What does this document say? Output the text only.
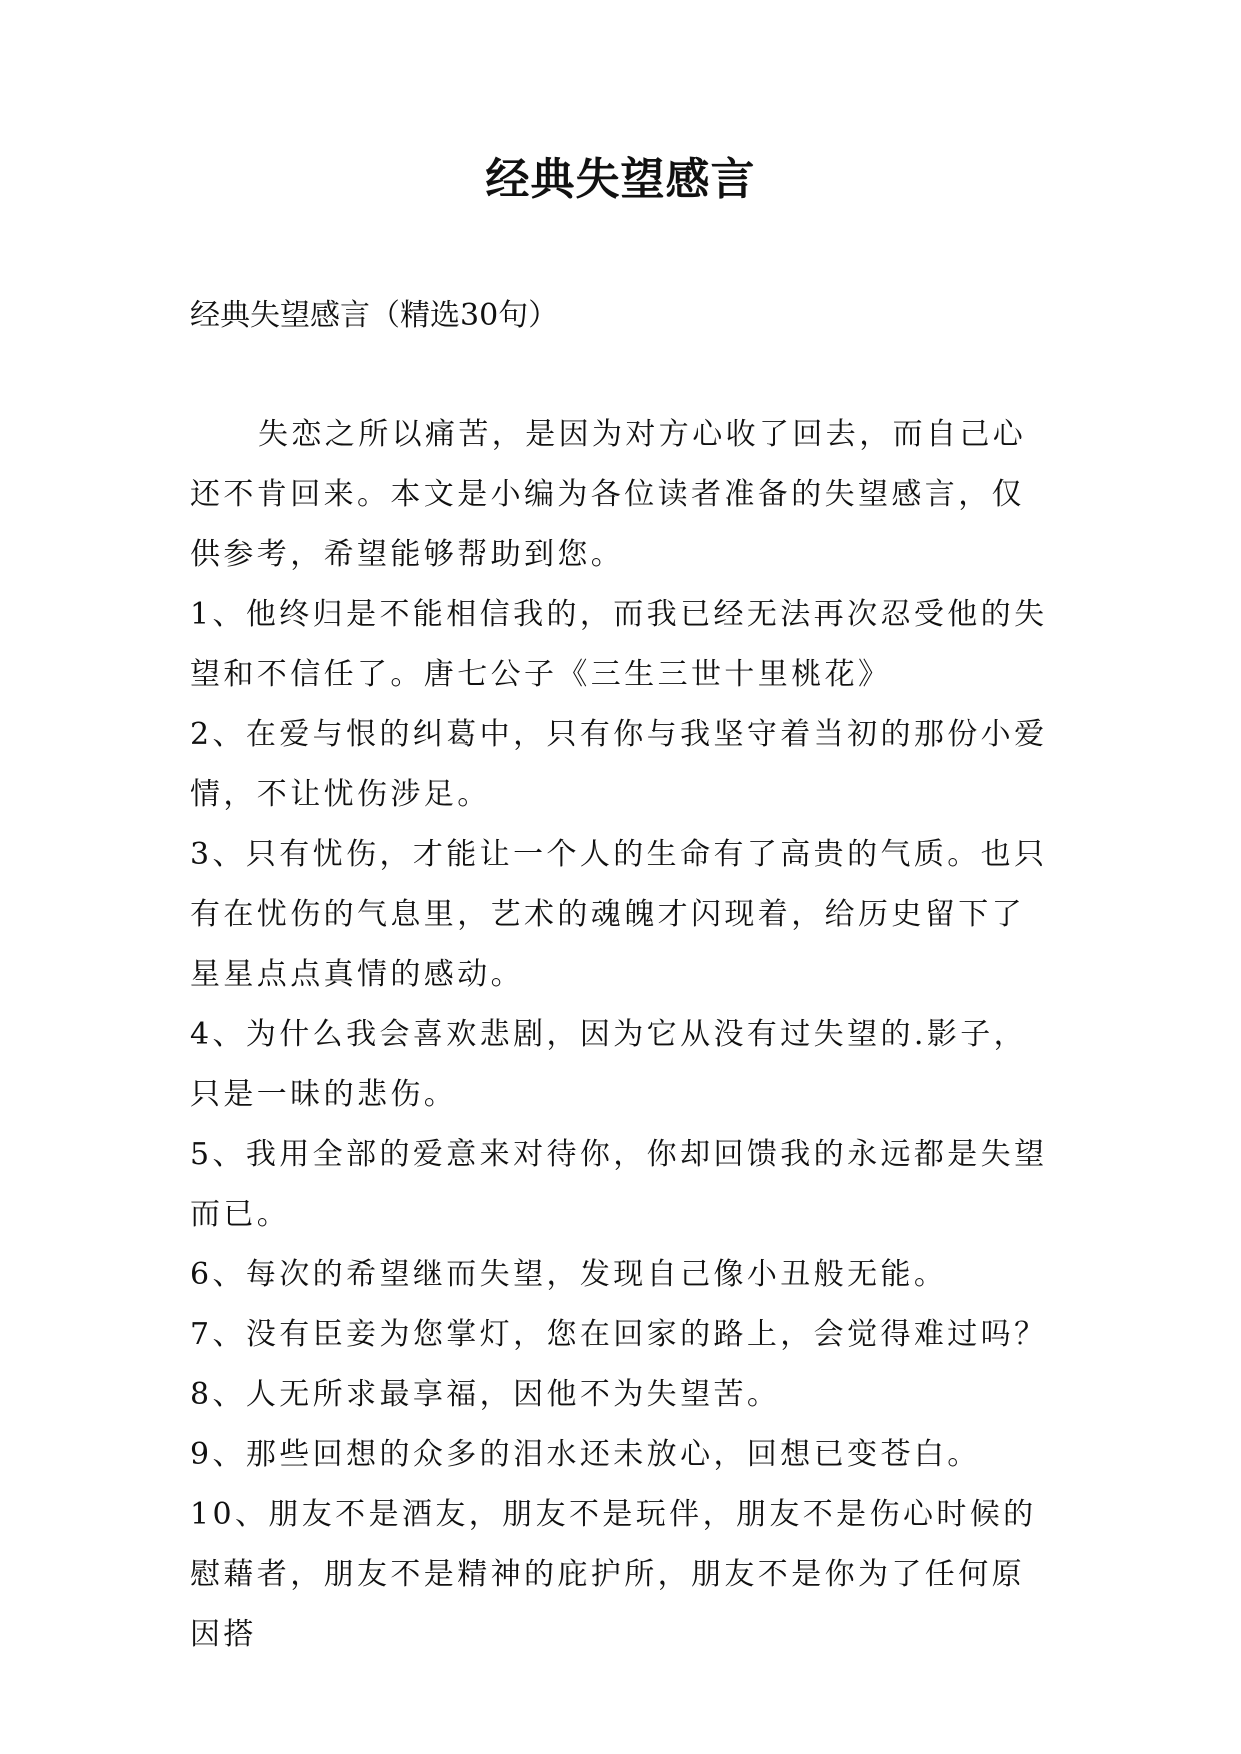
经典失望感言

经典失望感言（精选30句）

失恋之所以痛苦，是因为对方心收了回去，而自己心还不肯回来。本文是小编为各位读者准备的失望感言，仅供参考，希望能够帮助到您。

1、他终归是不能相信我的，而我已经无法再次忍受他的失望和不信任了。唐七公子《三生三世十里桃花》

2、在爱与恨的纠葛中，只有你与我坚守着当初的那份小爱情，不让忧伤涉足。

3、只有忧伤，才能让一个人的生命有了高贵的气质。也只有在忧伤的气息里，艺术的魂魄才闪现着，给历史留下了星星点点真情的感动。

4、为什么我会喜欢悲剧，因为它从没有过失望的.影子，只是一昧的悲伤。

5、我用全部的爱意来对待你，你却回馈我的永远都是失望而已。

6、每次的希望继而失望，发现自己像小丑般无能。

7、没有臣妾为您掌灯，您在回家的路上，会觉得难过吗？

8、人无所求最享福，因他不为失望苦。

9、那些回想的众多的泪水还未放心，回想已变苍白。

10、朋友不是酒友，朋友不是玩伴，朋友不是伤心时候的慰藉者，朋友不是精神的庇护所，朋友不是你为了任何原因搭
